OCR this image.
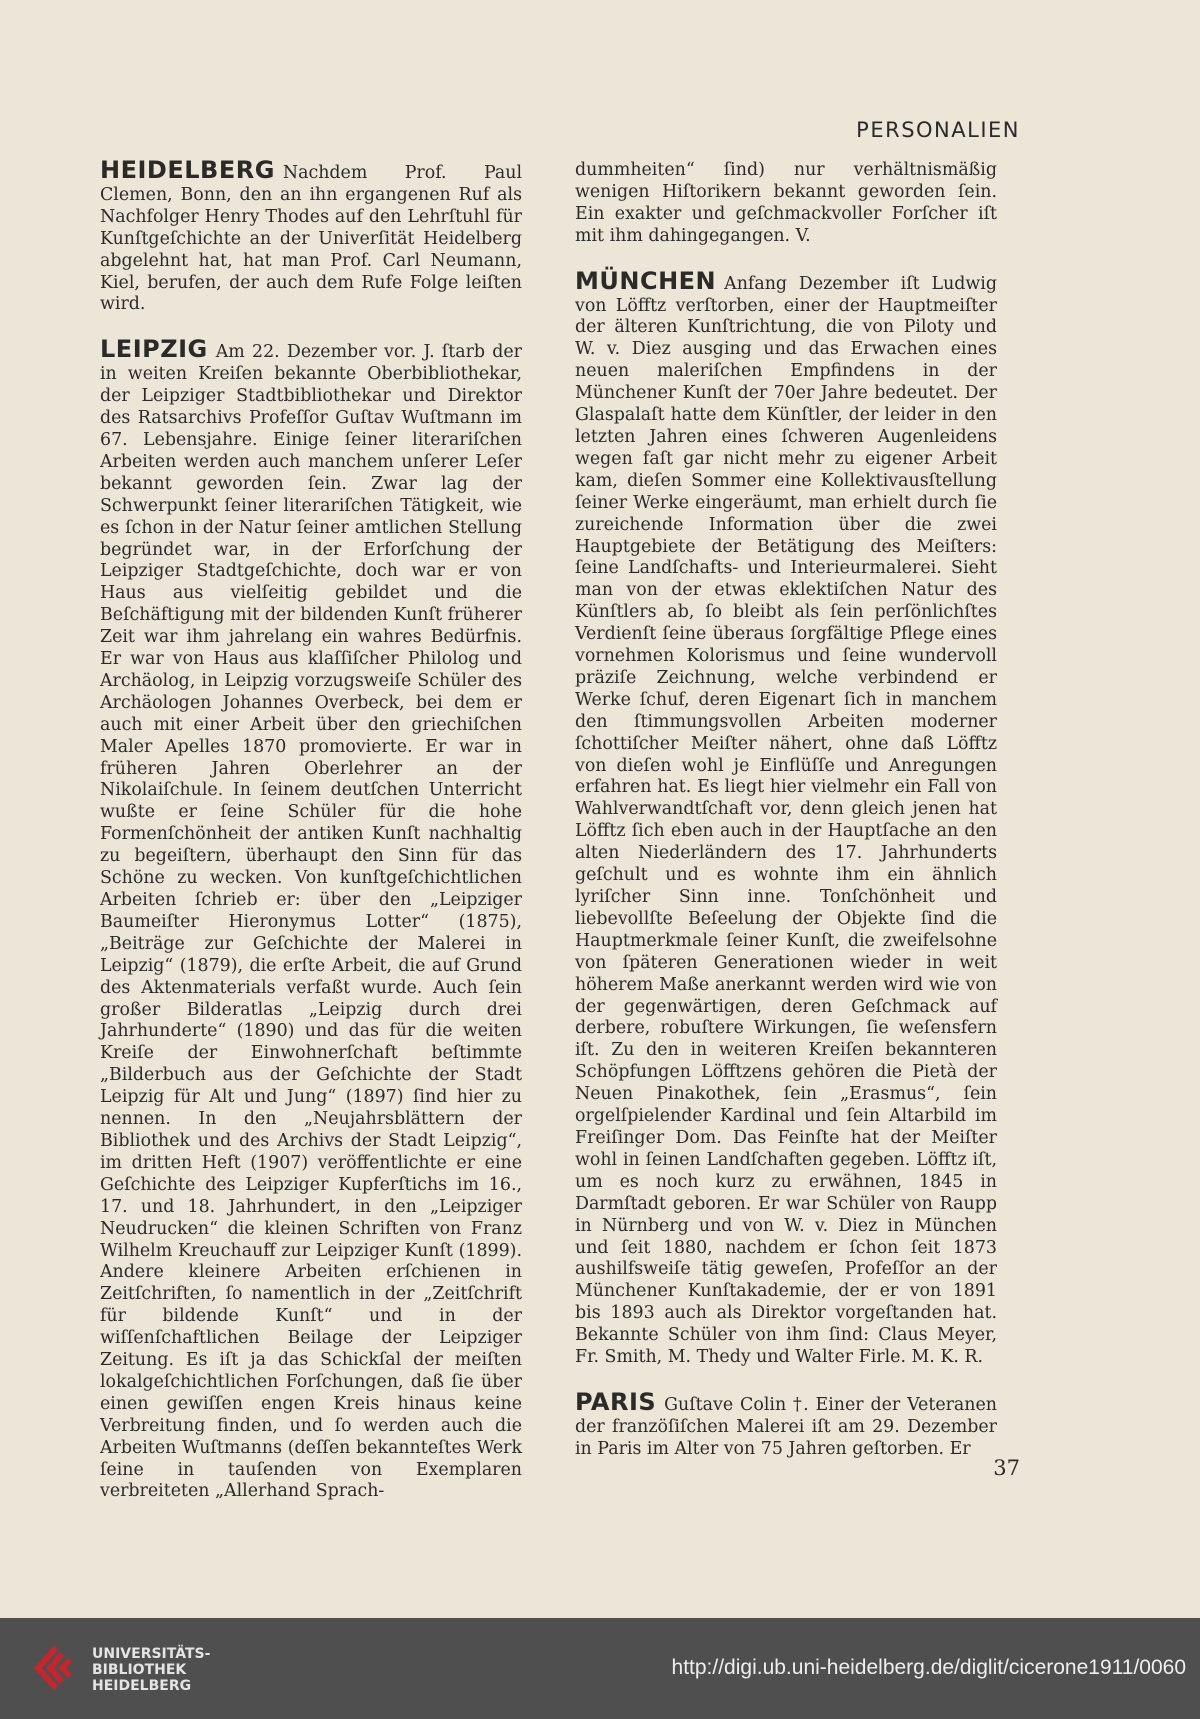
PERSONALIEN

HEIDELBERG Nachdem Prof. Paul Clemen, Bonn, den an ihn ergangenen Ruf als Nachfolger Henry Thodes auf den Lehrſtuhl für Kunſtgeſchichte an der Univerſität Heidelberg abgelehnt hat, hat man Prof. Carl Neumann, Kiel, berufen, der auch dem Rufe Folge leiſten wird.

LEIPZIG Am 22. Dezember vor. J. ſtarb der in weiten Kreiſen bekannte Oberbibliothekar, der Leipziger Stadtbibliothekar und Direktor des Ratsarchivs Profeſſor Guſtav Wuſtmann im 67. Lebensjahre. Einige ſeiner literariſchen Arbeiten werden auch manchem unſerer Leſer bekannt geworden ſein. Zwar lag der Schwerpunkt ſeiner literariſchen Tätigkeit, wie es ſchon in der Natur ſeiner amtlichen Stellung begründet war, in der Erforſchung der Leipziger Stadtgeſchichte, doch war er von Haus aus vielſeitig gebildet und die Beſchäftigung mit der bildenden Kunſt früherer Zeit war ihm jahrelang ein wahres Bedürfnis. Er war von Haus aus klaſſiſcher Philolog und Archäolog, in Leipzig vorzugsweiſe Schüler des Archäologen Johannes Overbeck, bei dem er auch mit einer Arbeit über den griechiſchen Maler Apelles 1870 promovierte. Er war in früheren Jahren Oberlehrer an der Nikolaiſchule. In ſeinem deutſchen Unterricht wußte er ſeine Schüler für die hohe Formenſchönheit der antiken Kunſt nachhaltig zu begeiſtern, überhaupt den Sinn für das Schöne zu wecken. Von kunſtgeſchichtlichen Arbeiten ſchrieb er: über den „Leipziger Baumeiſter Hieronymus Lotter“ (1875), „Beiträge zur Geſchichte der Malerei in Leipzig“ (1879), die erſte Arbeit, die auf Grund des Aktenmaterials verfaßt wurde. Auch ſein großer Bilderatlas „Leipzig durch drei Jahrhunderte“ (1890) und das für die weiten Kreiſe der Einwohnerſchaft beſtimmte „Bilderbuch aus der Geſchichte der Stadt Leipzig für Alt und Jung“ (1897) ſind hier zu nennen. In den „Neujahrsblättern der Bibliothek und des Archivs der Stadt Leipzig“, im dritten Heft (1907) veröffentlichte er eine Geſchichte des Leipziger Kupferſtichs im 16., 17. und 18. Jahrhundert, in den „Leipziger Neudrucken“ die kleinen Schriften von Franz Wilhelm Kreuchauff zur Leipziger Kunſt (1899). Andere kleinere Arbeiten erſchienen in Zeitſchriften, ſo namentlich in der „Zeitſchrift für bildende Kunſt“ und in der wiſſenſchaftlichen Beilage der Leipziger Zeitung. Es iſt ja das Schickſal der meiſten lokalgeſchichtlichen Forſchungen, daß ſie über einen gewiſſen engen Kreis hinaus keine Verbreitung finden, und ſo werden auch die Arbeiten Wuſtmanns (deſſen bekannteſtes Werk ſeine in tauſenden von Exemplaren verbreiteten „Allerhand Sprach-

dummheiten“ ſind) nur verhältnismäßig wenigen Hiſtorikern bekannt geworden ſein. Ein exakter und geſchmackvoller Forſcher iſt mit ihm dahingegangen. V.

MÜNCHEN Anfang Dezember iſt Ludwig von Löfftz verſtorben, einer der Hauptmeiſter der älteren Kunſtrichtung, die von Piloty und W. v. Diez ausging und das Erwachen eines neuen maleriſchen Empfindens in der Münchener Kunſt der 70er Jahre bedeutet. Der Glaspalaſt hatte dem Künſtler, der leider in den letzten Jahren eines ſchweren Augenleidens wegen faſt gar nicht mehr zu eigener Arbeit kam, dieſen Sommer eine Kollektivausſtellung ſeiner Werke eingeräumt, man erhielt durch ſie zureichende Information über die zwei Hauptgebiete der Betätigung des Meiſters: ſeine Landſchafts- und Interieurmalerei. Sieht man von der etwas eklektiſchen Natur des Künſtlers ab, ſo bleibt als ſein perſönlichſtes Verdienſt ſeine überaus ſorgfältige Pflege eines vornehmen Kolorismus und ſeine wundervoll präziſe Zeichnung, welche verbindend er Werke ſchuf, deren Eigenart ſich in manchem den ſtimmungsvollen Arbeiten moderner ſchottiſcher Meiſter nähert, ohne daß Löfftz von dieſen wohl je Einflüſſe und Anregungen erfahren hat. Es liegt hier vielmehr ein Fall von Wahlverwandtſchaft vor, denn gleich jenen hat Löfftz ſich eben auch in der Hauptſache an den alten Niederländern des 17. Jahrhunderts geſchult und es wohnte ihm ein ähnlich lyriſcher Sinn inne. Tonſchönheit und liebevollſte Beſeelung der Objekte ſind die Hauptmerkmale ſeiner Kunſt, die zweifelsohne von ſpäteren Generationen wieder in weit höherem Maße anerkannt werden wird wie von der gegenwärtigen, deren Geſchmack auf derbere, robuſtere Wirkungen, ſie weſensfern iſt. Zu den in weiteren Kreiſen bekannteren Schöpfungen Löfftzens gehören die Pietà der Neuen Pinakothek, ſein „Erasmus“, ſein orgelſpielender Kardinal und ſein Altarbild im Freiſinger Dom. Das Feinſte hat der Meiſter wohl in ſeinen Landſchaften gegeben. Löfftz iſt, um es noch kurz zu erwähnen, 1845 in Darmſtadt geboren. Er war Schüler von Raupp in Nürnberg und von W. v. Diez in München und ſeit 1880, nachdem er ſchon ſeit 1873 aushilfsweiſe tätig geweſen, Profeſſor an der Münchener Kunſtakademie, der er von 1891 bis 1893 auch als Direktor vorgeſtanden hat. Bekannte Schüler von ihm ſind: Claus Meyer, Fr. Smith, M. Thedy und Walter Firle. M. K. R.

PARIS Guſtave Colin †. Einer der Veteranen der franzöſiſchen Malerei iſt am 29. Dezember in Paris im Alter von 75 Jahren geſtorben. Er

37
UNIVERSITÄTS-
BIBLIOTHEK
HEIDELBERG
http://digi.ub.uni-heidelberg.de/diglit/cicerone1911/0060
